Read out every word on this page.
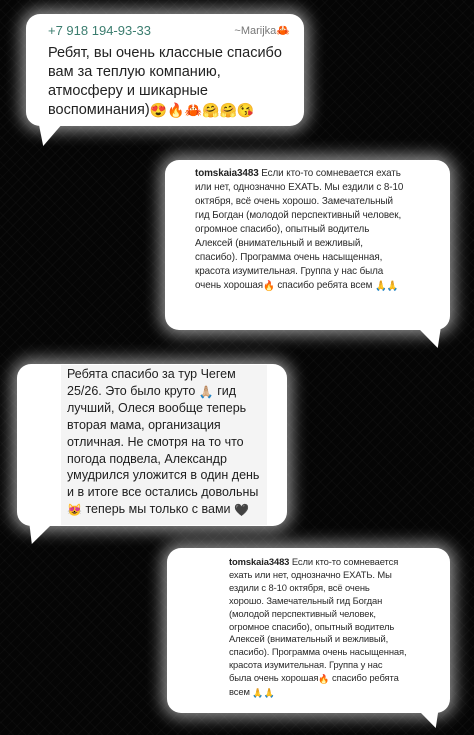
+7 918 194-93-33	~Marijka🦀
Ребят, вы очень классные спасибо вам за теплую компанию, атмосферу и шикарные воспоминания)😍🔥🦀🤗🤗😘
tomskaia3483 Если кто-то сомневается ехать или нет, однозначно ЕХАТЬ. Мы ездили с 8-10 октября, всё очень хорошо. Замечательный гид Богдан (молодой перспективный человек, огромное спасибо), опытный водитель Алексей (внимательный и вежливый, спасибо). Программа очень насыщенная, красота изумительная. Группа у нас была очень хорошая🔥 спасибо ребята всем 🙏🙏
Ребята спасибо за тур Чегем 25/26. Это было круто 🙏🏼 гид лучший, Олеся вообще теперь вторая мама, организация отличная. Не смотря на то что погода подвела, Александр умудрился уложится в один день и в итоге все остались довольны 😻 теперь мы только с вами 🖤
tomskaia3483 Если кто-то сомневается ехать или нет, однозначно ЕХАТЬ. Мы ездили с 8-10 октября, всё очень хорошо. Замечательный гид Богдан (молодой перспективный человек, огромное спасибо), опытный водитель Алексей (внимательный и вежливый, спасибо). Программа очень насыщенная, красота изумительная. Группа у нас была очень хорошая🔥 спасибо ребята всем 🙏🙏
